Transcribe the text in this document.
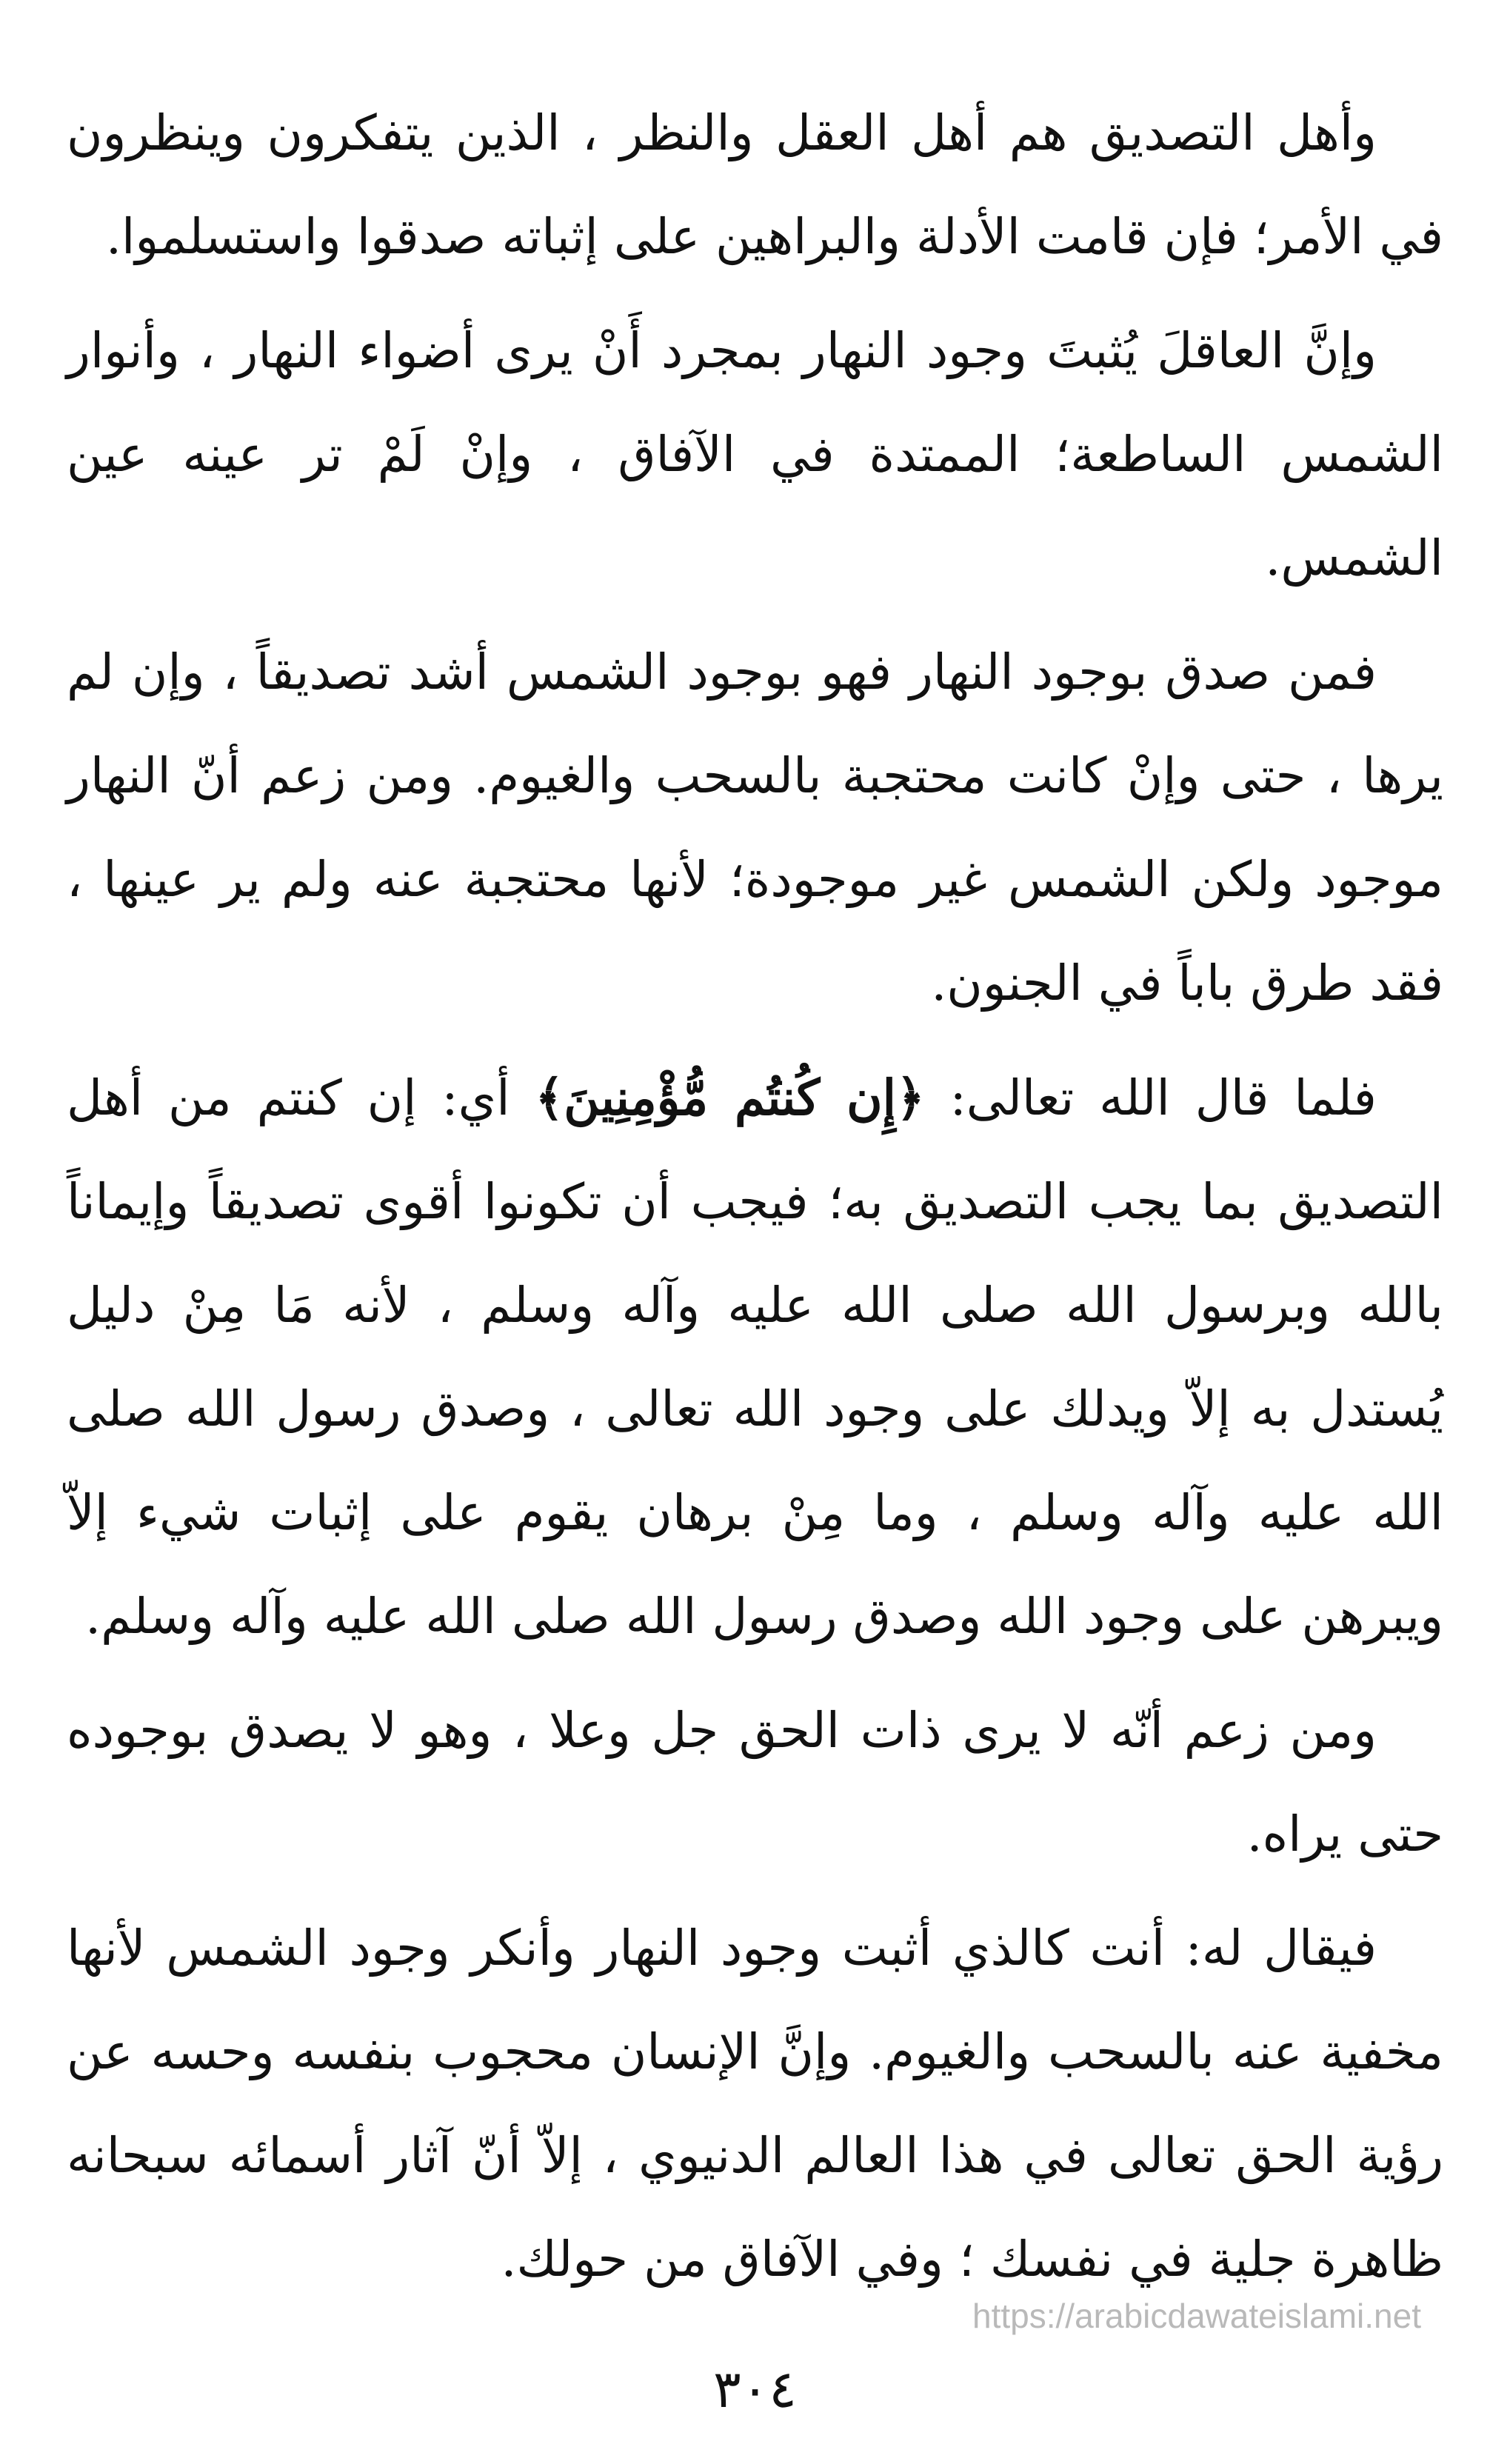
وأهل التصديق هم أهل العقل والنظر ، الذين يتفكرون وينظرون في الأمر؛ فإن قامت الأدلة والبراهين على إثباته صدقوا واستسلموا.

وإنَّ العاقلَ يُثبتَ وجود النهار بمجرد أَنْ يرى أضواء النهار ، وأنوار الشمس الساطعة؛ الممتدة في الآفاق ، وإنْ لَمْ تر عينه عين الشمس.

فمن صدق بوجود النهار فهو بوجود الشمس أشد تصديقاً ، وإن لم يرها ، حتى وإنْ كانت محتجبة بالسحب والغيوم. ومن زعم أنّ النهار موجود ولكن الشمس غير موجودة؛ لأنها محتجبة عنه ولم ير عينها ، فقد طرق باباً في الجنون.

فلما قال الله تعالى: ﴿إِن كُنتُم مُّؤْمِنِينَ﴾ أي: إن كنتم من أهل التصديق بما يجب التصديق به؛ فيجب أن تكونوا أقوى تصديقاً وإيماناً بالله وبرسول الله صلى الله عليه وآله وسلم ، لأنه مَا مِنْ دليل يُستدل به إلاّ ويدلك على وجود الله تعالى ، وصدق رسول الله صلى الله عليه وآله وسلم ، وما مِنْ برهان يقوم على إثبات شيء إلاّ ويبرهن على وجود الله وصدق رسول الله صلى الله عليه وآله وسلم.

ومن زعم أنّه لا يرى ذات الحق جل وعلا ، وهو لا يصدق بوجوده حتى يراه.

فيقال له: أنت كالذي أثبت وجود النهار وأنكر وجود الشمس لأنها مخفية عنه بالسحب والغيوم. وإنَّ الإنسان محجوب بنفسه وحسه عن رؤية الحق تعالى في هذا العالم الدنيوي ، إلاّ أنّ آثار أسمائه سبحانه ظاهرة جلية في نفسك ؛ وفي الآفاق من حولك.

https://arabicdawateislami.net
٣٠٤
